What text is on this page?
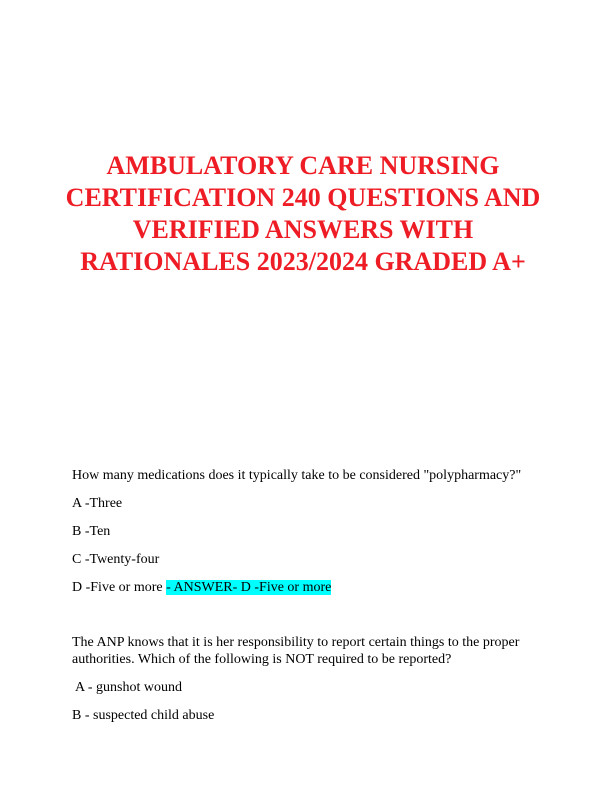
AMBULATORY CARE NURSING
CERTIFICATION 240 QUESTIONS AND
VERIFIED ANSWERS WITH
RATIONALES 2023/2024 GRADED A+

How many medications does it typically take to be considered "polypharmacy?"

A -Three

B -Ten

C -Twenty-four

D -Five or more - ANSWER- D -Five or more

The ANP knows that it is her responsibility to report certain things to the proper

authorities. Which of the following is NOT required to be reported?

A - gunshot wound

B - suspected child abuse
